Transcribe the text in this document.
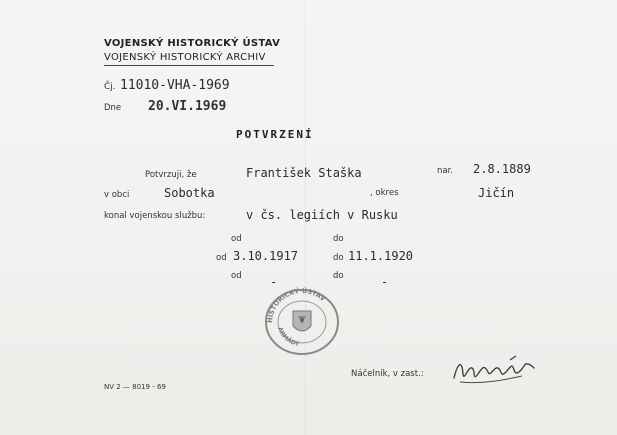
VOJENSKÝ HISTORICKÝ ÚSTAV
VOJENSKÝ HISTORICKÝ ARCHIV
Čj. 11010-VHA-1969
Dne 20.VI.1969
POTVRZENÍ
Potvrzuji, že	František Staška	nar. 2.8.1889
v obci	Sobotka	, okres	Jičín
konal vojenskou službu:	v čs. legiích v Rusku
od	do
od 3.10.1917	do 11.1.1920
od -	do	-
HISTORICKÝ ÚSTAV
ARMÁDY
Náčelník, v zast.:
NV 2 — 8019 - 69
